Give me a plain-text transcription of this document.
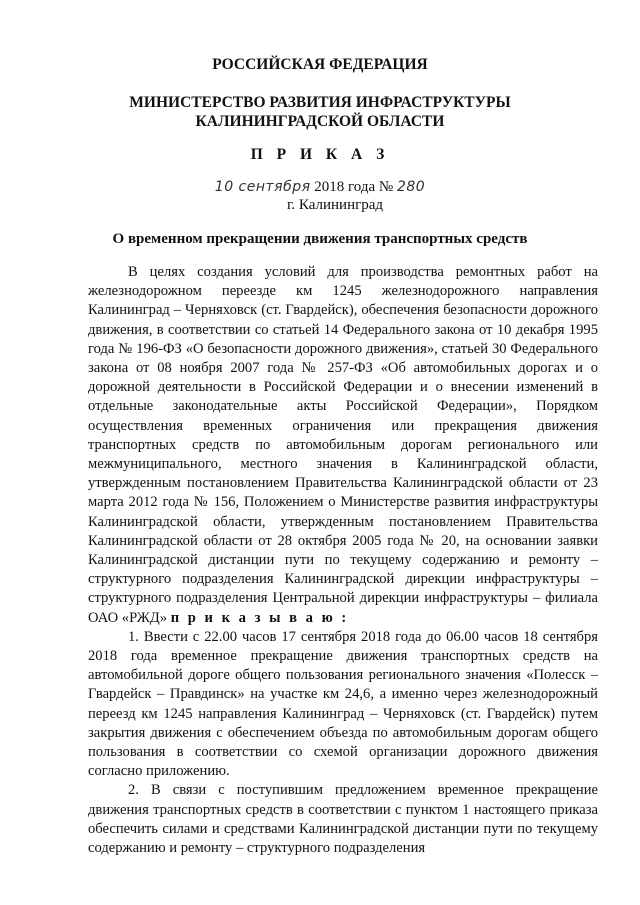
РОССИЙСКАЯ ФЕДЕРАЦИЯ
МИНИСТЕРСТВО РАЗВИТИЯ ИНФРАСТРУКТУРЫ
КАЛИНИНГРАДСКОЙ ОБЛАСТИ
П Р И К А З
10 сентября 2018 года № 280
г. Калининград
О временном прекращении движения транспортных средств

В целях создания условий для производства ремонтных работ на железнодорожном переезде км 1245 железнодорожного направления Калининград – Черняховск (ст. Гвардейск), обеспечения безопасности дорожного движения, в соответствии со статьей 14 Федерального закона от 10 декабря 1995 года № 196-ФЗ «О безопасности дорожного движения», статьей 30 Федерального закона от 08 ноября 2007 года № 257-ФЗ «Об автомобильных дорогах и о дорожной деятельности в Российской Федерации и о внесении изменений в отдельные законодательные акты Российской Федерации», Порядком осуществления временных ограничения или прекращения движения транспортных средств по автомобильным дорогам регионального или межмуниципального, местного значения в Калининградской области, утвержденным постановлением Правительства Калининградской области от 23 марта 2012 года № 156, Положением о Министерстве развития инфраструктуры Калининградской области, утвержденным постановлением Правительства Калининградской области от 28 октября 2005 года № 20, на основании заявки Калининградской дистанции пути по текущему содержанию и ремонту – структурного подразделения Калининградской дирекции инфраструктуры – структурного подразделения Центральной дирекции инфраструктуры – филиала ОАО «РЖД» п р и к а з ы в а ю :

1. Ввести с 22.00 часов 17 сентября 2018 года до 06.00 часов 18 сентября 2018 года временное прекращение движения транспортных средств на автомобильной дороге общего пользования регионального значения «Полесск – Гвардейск – Правдинск» на участке км 24,6, а именно через железнодорожный переезд км 1245 направления Калининград – Черняховск (ст. Гвардейск) путем закрытия движения с обеспечением объезда по автомобильным дорогам общего пользования в соответствии со схемой организации дорожного движения согласно приложению.

2. В связи с поступившим предложением временное прекращение движения транспортных средств в соответствии с пунктом 1 настоящего приказа обеспечить силами и средствами Калининградской дистанции пути по текущему содержанию и ремонту – структурного подразделения
